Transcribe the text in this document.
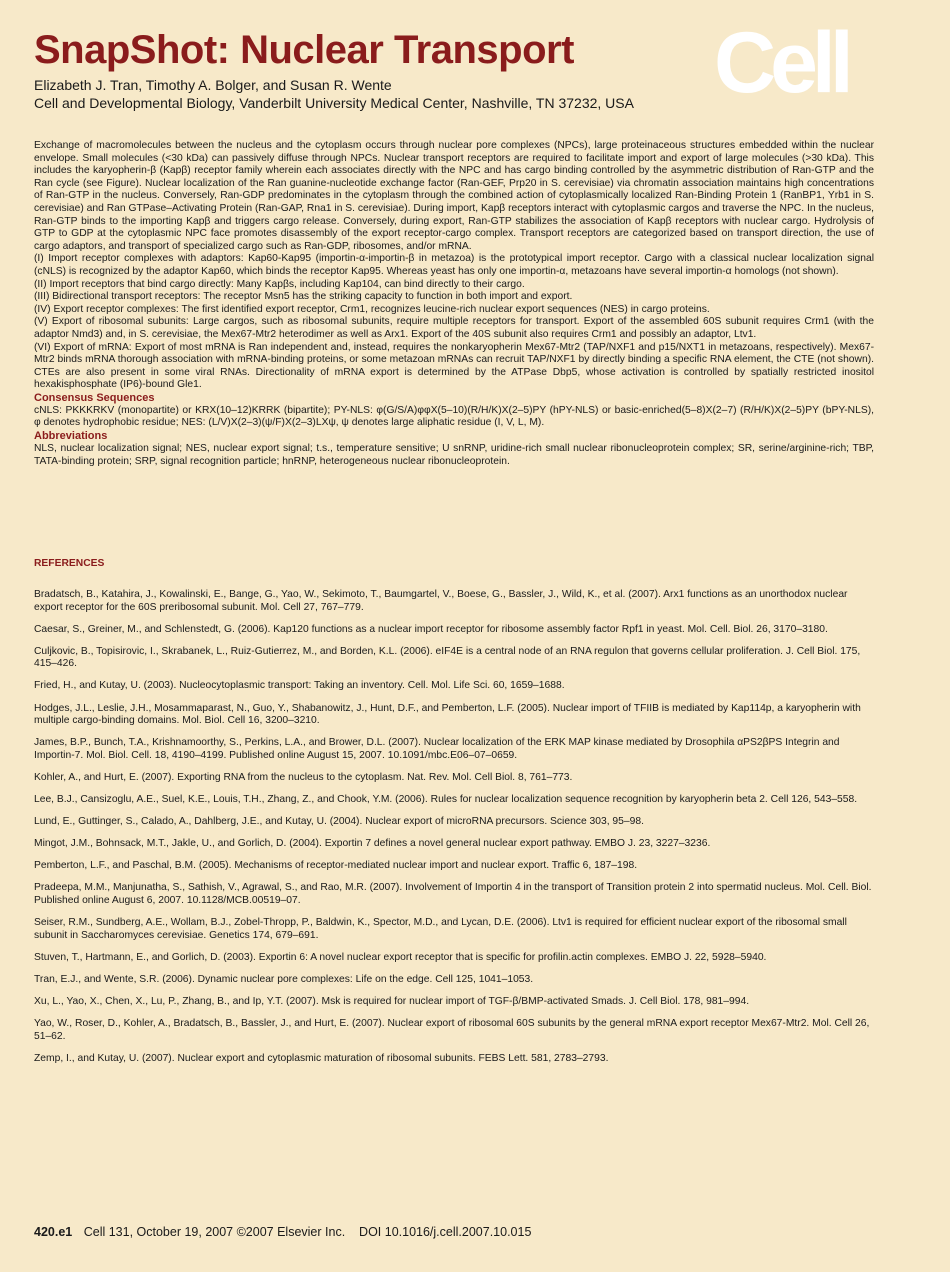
SnapShot: Nuclear Transport
Elizabeth J. Tran, Timothy A. Bolger, and Susan R. Wente
Cell and Developmental Biology, Vanderbilt University Medical Center, Nashville, TN 37232, USA Cell

Exchange of macromolecules between the nucleus and the cytoplasm occurs through nuclear pore complexes (NPCs), large proteinaceous structures embedded within the nuclear envelope. Small molecules (<30 kDa) can passively diffuse through NPCs. Nuclear transport receptors are required to facilitate import and export of large molecules (>30 kDa). This includes the karyopherin-β (Kapβ) receptor family wherein each associates directly with the NPC and has cargo binding controlled by the asymmetric distribution of Ran-GTP and the Ran cycle (see Figure). Nuclear localization of the Ran guanine-nucleotide exchange factor (Ran-GEF, Prp20 in S. cerevisiae) via chromatin association maintains high concentrations of Ran-GTP in the nucleus. Conversely, Ran-GDP predominates in the cytoplasm through the combined action of cytoplasmically localized Ran-Binding Protein 1 (RanBP1, Yrb1 in S. cerevisiae) and Ran GTPase–Activating Protein (Ran-GAP, Rna1 in S. cerevisiae). During import, Kapβ receptors interact with cytoplasmic cargos and traverse the NPC. In the nucleus, Ran-GTP binds to the importing Kapβ and triggers cargo release. Conversely, during export, Ran-GTP stabilizes the association of Kapβ receptors with nuclear cargo. Hydrolysis of GTP to GDP at the cytoplasmic NPC face promotes disassembly of the export receptor-cargo complex. Transport receptors are categorized based on transport direction, the use of cargo adaptors, and transport of specialized cargo such as Ran-GDP, ribosomes, and/or mRNA.

(I) Import receptor complexes with adaptors: Kap60-Kap95 (importin-α-importin-β in metazoa) is the prototypical import receptor. Cargo with a classical nuclear localization signal (cNLS) is recognized by the adaptor Kap60, which binds the receptor Kap95. Whereas yeast has only one importin-α, metazoans have several importin-α homologs (not shown).

(II) Import receptors that bind cargo directly: Many Kapβs, including Kap104, can bind directly to their cargo.

(III) Bidirectional transport receptors: The receptor Msn5 has the striking capacity to function in both import and export.

(IV) Export receptor complexes: The first identified export receptor, Crm1, recognizes leucine-rich nuclear export sequences (NES) in cargo proteins.

(V) Export of ribosomal subunits: Large cargos, such as ribosomal subunits, require multiple receptors for transport. Export of the assembled 60S subunit requires Crm1 (with the adaptor Nmd3) and, in S. cerevisiae, the Mex67-Mtr2 heterodimer as well as Arx1. Export of the 40S subunit also requires Crm1 and possibly an adaptor, Ltv1.

(VI) Export of mRNA: Export of most mRNA is Ran independent and, instead, requires the nonkaryopherin Mex67-Mtr2 (TAP/NXF1 and p15/NXT1 in metazoans, respectively). Mex67-Mtr2 binds mRNA thorough association with mRNA-binding proteins, or some metazoan mRNAs can recruit TAP/NXF1 by directly binding a specific RNA element, the CTE (not shown). CTEs are also present in some viral RNAs. Directionality of mRNA export is determined by the ATPase Dbp5, whose activation is controlled by spatially restricted inositol hexakisphosphate (IP6)-bound Gle1.

Consensus Sequences

cNLS: PKKKRKV (monopartite) or KRX(10–12)KRRK (bipartite); PY-NLS: φ(G/S/A)φφX(5–10)(R/H/K)X(2–5)PY (hPY-NLS) or basic-enriched(5–8)X(2–7) (R/H/K)X(2–5)PY (bPY-NLS), φ denotes hydrophobic residue; NES: (L/V)X(2–3)(ψ/F)X(2–3)LXψ, ψ denotes large aliphatic residue (I, V, L, M).

Abbreviations

NLS, nuclear localization signal; NES, nuclear export signal; t.s., temperature sensitive; U snRNP, uridine-rich small nuclear ribonucleoprotein complex; SR, serine/arginine-rich; TBP, TATA-binding protein; SRP, signal recognition particle; hnRNP, heterogeneous nuclear ribonucleoprotein.

REFERENCES

Bradatsch, B., Katahira, J., Kowalinski, E., Bange, G., Yao, W., Sekimoto, T., Baumgartel, V., Boese, G., Bassler, J., Wild, K., et al. (2007). Arx1 functions as an unorthodox nuclear export receptor for the 60S preribosomal subunit. Mol. Cell 27, 767–779.

Caesar, S., Greiner, M., and Schlenstedt, G. (2006). Kap120 functions as a nuclear import receptor for ribosome assembly factor Rpf1 in yeast. Mol. Cell. Biol. 26, 3170–3180.

Culjkovic, B., Topisirovic, I., Skrabanek, L., Ruiz-Gutierrez, M., and Borden, K.L. (2006). eIF4E is a central node of an RNA regulon that governs cellular proliferation. J. Cell Biol. 175, 415–426.

Fried, H., and Kutay, U. (2003). Nucleocytoplasmic transport: Taking an inventory. Cell. Mol. Life Sci. 60, 1659–1688.

Hodges, J.L., Leslie, J.H., Mosammaparast, N., Guo, Y., Shabanowitz, J., Hunt, D.F., and Pemberton, L.F. (2005). Nuclear import of TFIIB is mediated by Kap114p, a karyopherin with multiple cargo-binding domains. Mol. Biol. Cell 16, 3200–3210.

James, B.P., Bunch, T.A., Krishnamoorthy, S., Perkins, L.A., and Brower, D.L. (2007). Nuclear localization of the ERK MAP kinase mediated by Drosophila αPS2βPS Integrin and Importin-7. Mol. Biol. Cell. 18, 4190–4199. Published online August 15, 2007. 10.1091/mbc.E06–07–0659.

Kohler, A., and Hurt, E. (2007). Exporting RNA from the nucleus to the cytoplasm. Nat. Rev. Mol. Cell Biol. 8, 761–773.

Lee, B.J., Cansizoglu, A.E., Suel, K.E., Louis, T.H., Zhang, Z., and Chook, Y.M. (2006). Rules for nuclear localization sequence recognition by karyopherin beta 2. Cell 126, 543–558.

Lund, E., Guttinger, S., Calado, A., Dahlberg, J.E., and Kutay, U. (2004). Nuclear export of microRNA precursors. Science 303, 95–98.

Mingot, J.M., Bohnsack, M.T., Jakle, U., and Gorlich, D. (2004). Exportin 7 defines a novel general nuclear export pathway. EMBO J. 23, 3227–3236.

Pemberton, L.F., and Paschal, B.M. (2005). Mechanisms of receptor-mediated nuclear import and nuclear export. Traffic 6, 187–198.

Pradeepa, M.M., Manjunatha, S., Sathish, V., Agrawal, S., and Rao, M.R. (2007). Involvement of Importin 4 in the transport of Transition protein 2 into spermatid nucleus. Mol. Cell. Biol. Published online August 6, 2007. 10.1128/MCB.00519–07.

Seiser, R.M., Sundberg, A.E., Wollam, B.J., Zobel-Thropp, P., Baldwin, K., Spector, M.D., and Lycan, D.E. (2006). Ltv1 is required for efficient nuclear export of the ribosomal small subunit in Saccharomyces cerevisiae. Genetics 174, 679–691.

Stuven, T., Hartmann, E., and Gorlich, D. (2003). Exportin 6: A novel nuclear export receptor that is specific for profilin.actin complexes. EMBO J. 22, 5928–5940.

Tran, E.J., and Wente, S.R. (2006). Dynamic nuclear pore complexes: Life on the edge. Cell 125, 1041–1053.

Xu, L., Yao, X., Chen, X., Lu, P., Zhang, B., and Ip, Y.T. (2007). Msk is required for nuclear import of TGF-β/BMP-activated Smads. J. Cell Biol. 178, 981–994.

Yao, W., Roser, D., Kohler, A., Bradatsch, B., Bassler, J., and Hurt, E. (2007). Nuclear export of ribosomal 60S subunits by the general mRNA export receptor Mex67-Mtr2. Mol. Cell 26, 51–62.

Zemp, I., and Kutay, U. (2007). Nuclear export and cytoplasmic maturation of ribosomal subunits. FEBS Lett. 581, 2783–2793.

420.e1 Cell 131, October 19, 2007 ©2007 Elsevier Inc.    DOI 10.1016/j.cell.2007.10.015
